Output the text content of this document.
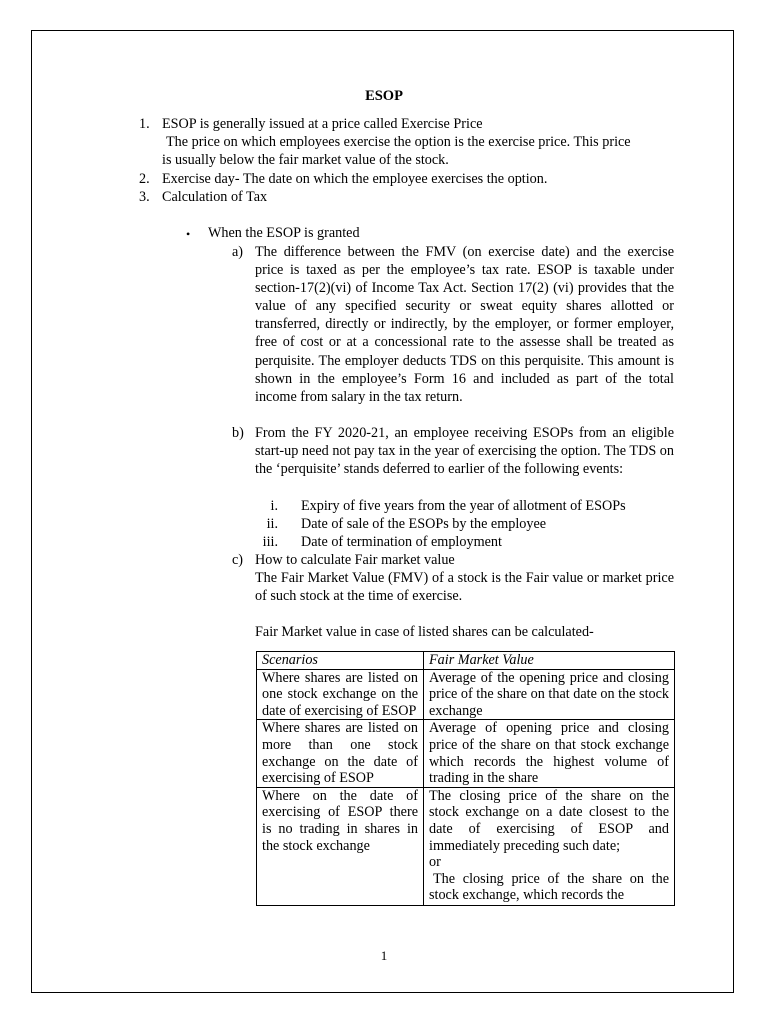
ESOP
1. ESOP is generally issued at a price called Exercise Price
The price on which employees exercise the option is the exercise price. This price
is usually below the fair market value of the stock.
2. Exercise day- The date on which the employee exercises the option.
3. Calculation of Tax
• When the ESOP is granted
a) The difference between the FMV (on exercise date) and the exercise price is taxed as per the employee’s tax rate. ESOP is taxable under section-17(2)(vi) of Income Tax Act. Section 17(2) (vi) provides that the value of any specified security or sweat equity shares allotted or transferred, directly or indirectly, by the employer, or former employer, free of cost or at a concessional rate to the assesse shall be treated as perquisite. The employer deducts TDS on this perquisite. This amount is shown in the employee’s Form 16 and included as part of the total income from salary in the tax return.
b) From the FY 2020-21, an employee receiving ESOPs from an eligible start-up need not pay tax in the year of exercising the option. The TDS on the ‘perquisite’ stands deferred to earlier of the following events:
i. Expiry of five years from the year of allotment of ESOPs
ii. Date of sale of the ESOPs by the employee
iii. Date of termination of employment
c) How to calculate Fair market value
The Fair Market Value (FMV) of a stock is the Fair value or market price of such stock at the time of exercise.
Fair Market value in case of listed shares can be calculated-
Scenarios	Fair Market Value
Where shares are listed on one stock exchange on the date of exercising of ESOP	Average of the opening price and closing price of the share on that date on the stock exchange
Where shares are listed on more than one stock exchange on the date of exercising of ESOP	Average of opening price and closing price of the share on that stock exchange which records the highest volume of trading in the share
Where on the date of exercising of ESOP there is no trading in shares in the stock exchange	The closing price of the share on the stock exchange on a date closest to the date of exercising of ESOP and immediately preceding such date;
or
The closing price of the share on the stock exchange, which records the
1
